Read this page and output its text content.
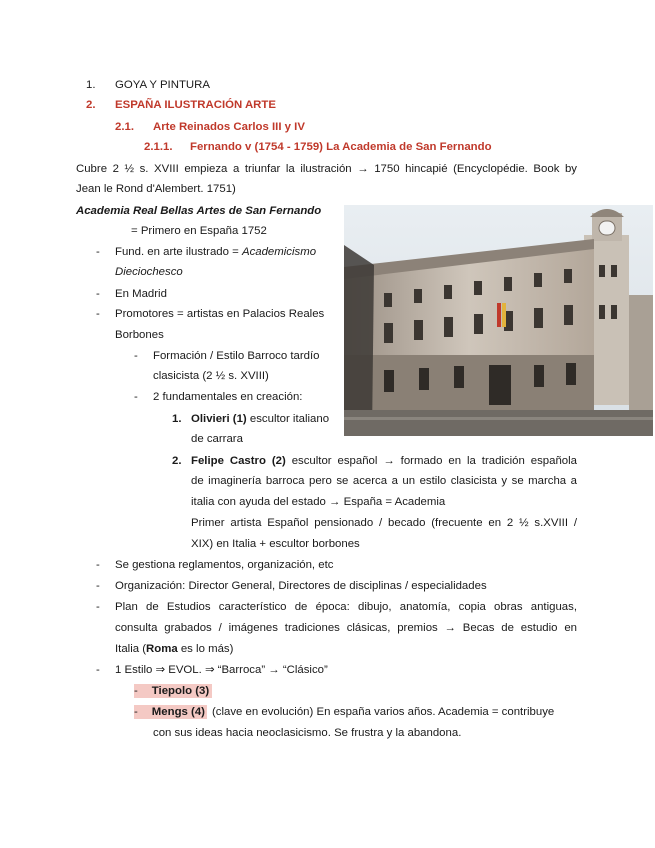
1. GOYA Y PINTURA
2. ESPAÑA ILUSTRACIÓN ARTE
2.1. Arte Reinados Carlos III y IV
2.1.1. Fernando v (1754 - 1759) La Academia de San Fernando
Cubre 2 ½ s. XVIII empieza a triunfar la ilustración → 1750 hincapié (Encyclopédie. Book by
Jean le Rond d'Alembert. 1751)
Academia Real Bellas Artes de San Fernando
= Primero en España 1752
- Fund. en arte ilustrado = Academicismo
Dieciochesco
- En Madrid
- Promotores = artistas en Palacios Reales
Borbones
- Formación / Estilo Barroco tardío
clasicista (2 ½ s. XVIII)
- 2 fundamentales en creación:
1. Olivieri (1) escultor italiano
de carrara
2. Felipe Castro (2) escultor español → formado en la tradición española
de imaginería barroca pero se acerca a un estilo clasicista y se marcha a
italia con ayuda del estado → España = Academia
Primer artista Español pensionado / becado (frecuente en 2 ½ s.XVIII /
XIX) en Italia + escultor borbones
- Se gestiona reglamentos, organización, etc
- Organización: Director General, Directores de disciplinas / especialidades
- Plan de Estudios característico de época: dibujo, anatomía, copia obras antiguas,
consulta grabados / imágenes tradiciones clásicas, premios → Becas de estudio en
Italia (Roma es lo más)
- 1 Estilo ⇒ EVOL. ⇒ “Barroca” → “Clásico”
- Tiepolo (3)
- Mengs (4) (clave en evolución) En españa varios años. Academia = contribuye
con sus ideas hacia neoclasicismo. Se frustra y la abandona.
